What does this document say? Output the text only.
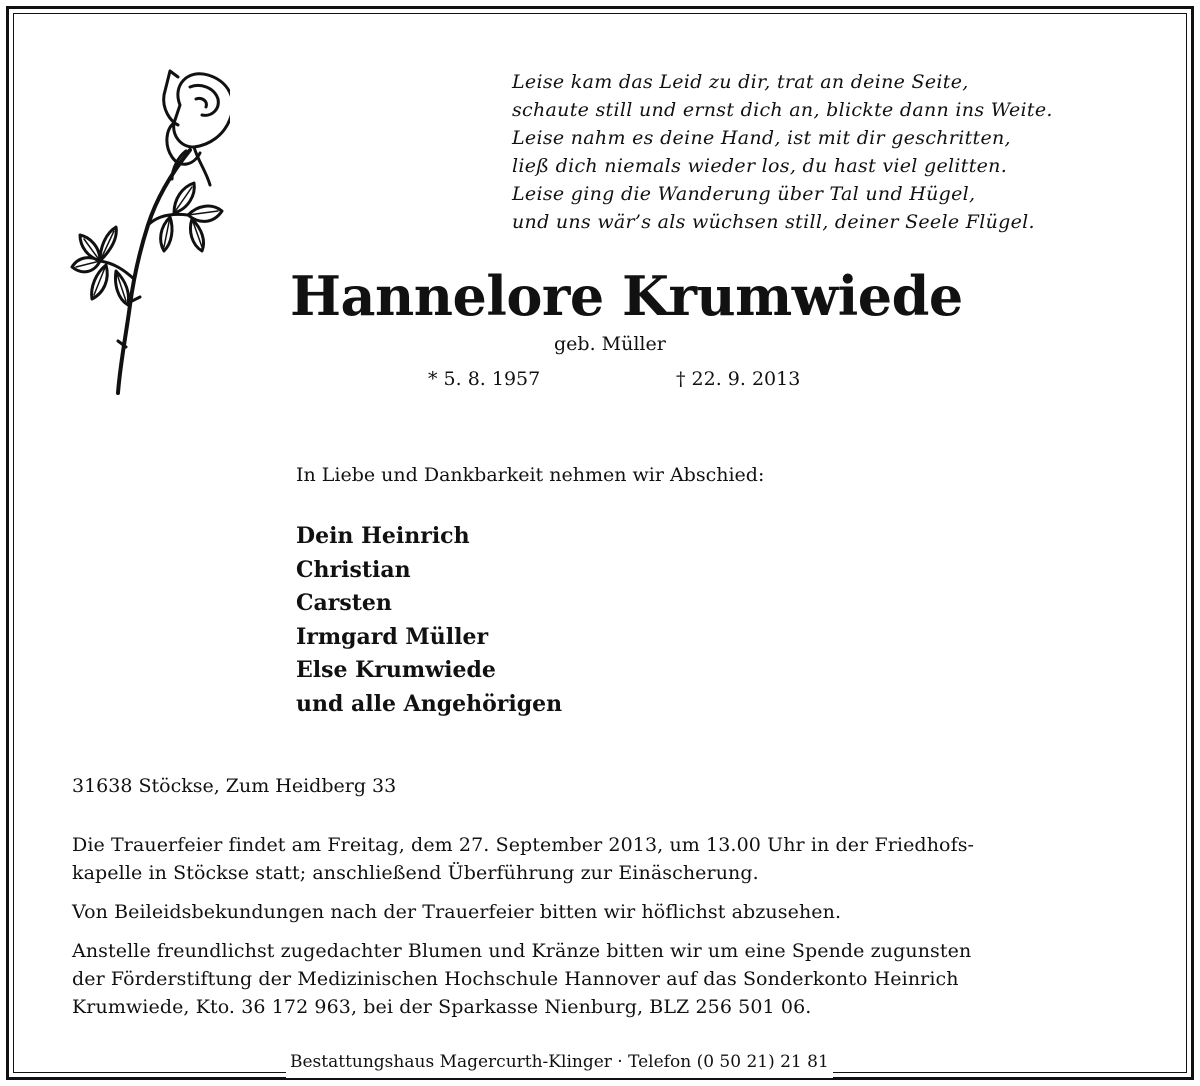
Leise kam das Leid zu dir, trat an deine Seite,
schaute still und ernst dich an, blickte dann ins Weite.
Leise nahm es deine Hand, ist mit dir geschritten,
ließ dich niemals wieder los, du hast viel gelitten.
Leise ging die Wanderung über Tal und Hügel,
und uns wär’s als wüchsen still, deiner Seele Flügel.
Hannelore Krumwiede
geb. Müller
* 5. 8. 1957	† 22. 9. 2013
In Liebe und Dankbarkeit nehmen wir Abschied:
Dein Heinrich
Christian
Carsten
Irmgard Müller
Else Krumwiede
und alle Angehörigen
31638 Stöckse, Zum Heidberg 33
Die Trauerfeier findet am Freitag, dem 27. September 2013, um 13.00 Uhr in der Friedhofs-
kapelle in Stöckse statt; anschließend Überführung zur Einäscherung.
Von Beileidsbekundungen nach der Trauerfeier bitten wir höflichst abzusehen.
Anstelle freundlichst zugedachter Blumen und Kränze bitten wir um eine Spende zugunsten
der Förderstiftung der Medizinischen Hochschule Hannover auf das Sonderkonto Heinrich
Krumwiede, Kto. 36 172 963, bei der Sparkasse Nienburg, BLZ 256 501 06.
Bestattungshaus Magercurth-Klinger · Telefon (0 50 21) 21 81
